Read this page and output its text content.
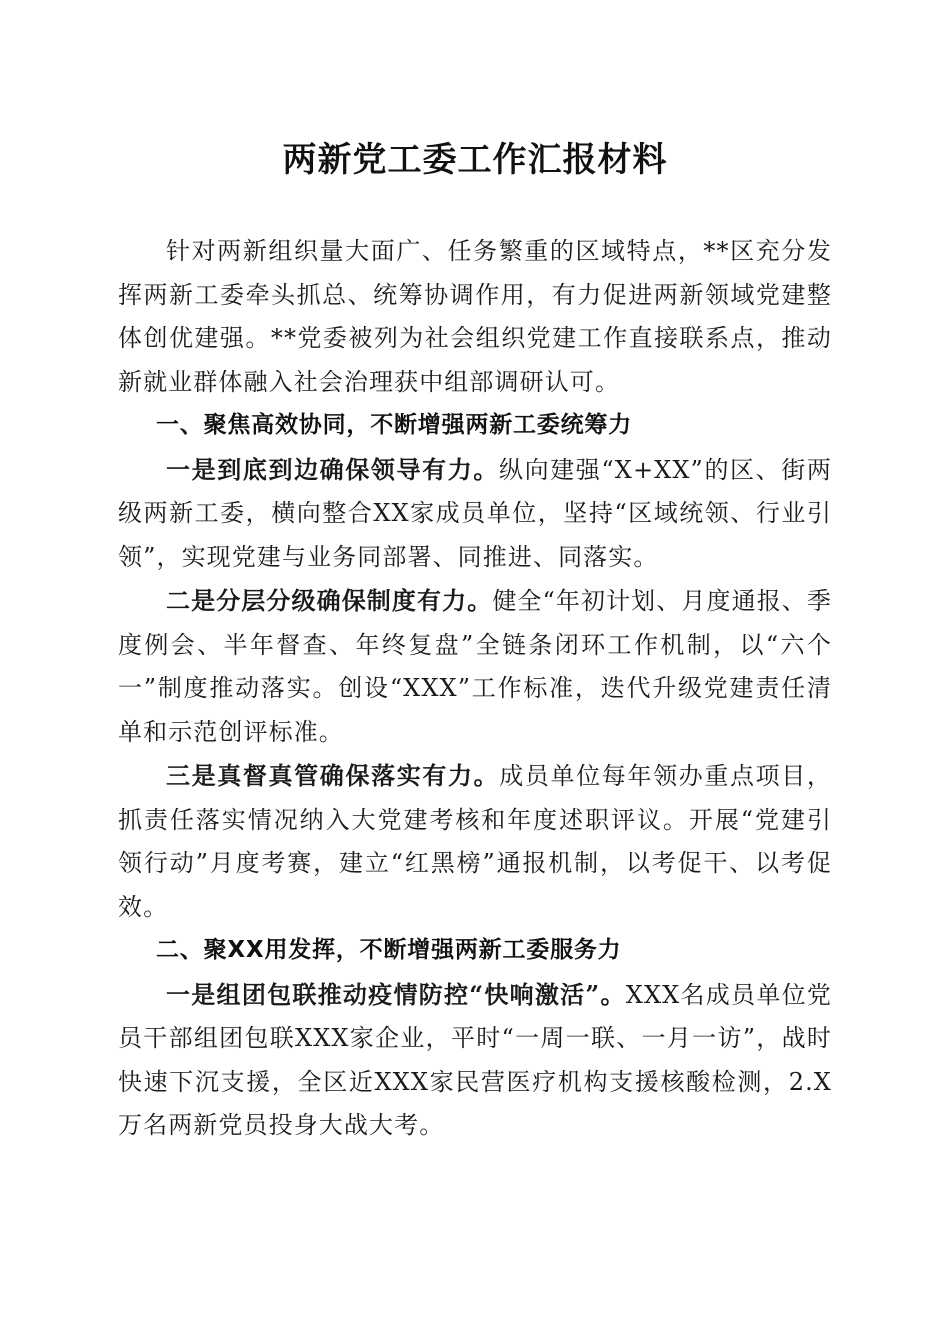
两新党工委工作汇报材料

针对两新组织量大面广、任务繁重的区域特点，**区充分发挥两新工委牵头抓总、统筹协调作用，有力促进两新领域党建整体创优建强。**党委被列为社会组织党建工作直接联系点，推动新就业群体融入社会治理获中组部调研认可。

一、聚焦高效协同，不断增强两新工委统筹力

一是到底到边确保领导有力。纵向建强“X+XX”的区、街两级两新工委，横向整合XX家成员单位，坚持“区域统领、行业引领”，实现党建与业务同部署、同推进、同落实。

二是分层分级确保制度有力。健全“年初计划、月度通报、季度例会、半年督查、年终复盘”全链条闭环工作机制，以“六个一”制度推动落实。创设“XXX”工作标准，迭代升级党建责任清单和示范创评标准。

三是真督真管确保落实有力。成员单位每年领办重点项目，抓责任落实情况纳入大党建考核和年度述职评议。开展“党建引领行动”月度考赛，建立“红黑榜”通报机制，以考促干、以考促效。

二、聚XX用发挥，不断增强两新工委服务力

一是组团包联推动疫情防控“快响激活”。XXX名成员单位党员干部组团包联XXX家企业，平时“一周一联、一月一访”，战时快速下沉支援，全区近XXX家民营医疗机构支援核酸检测，2.X万名两新党员投身大战大考。
